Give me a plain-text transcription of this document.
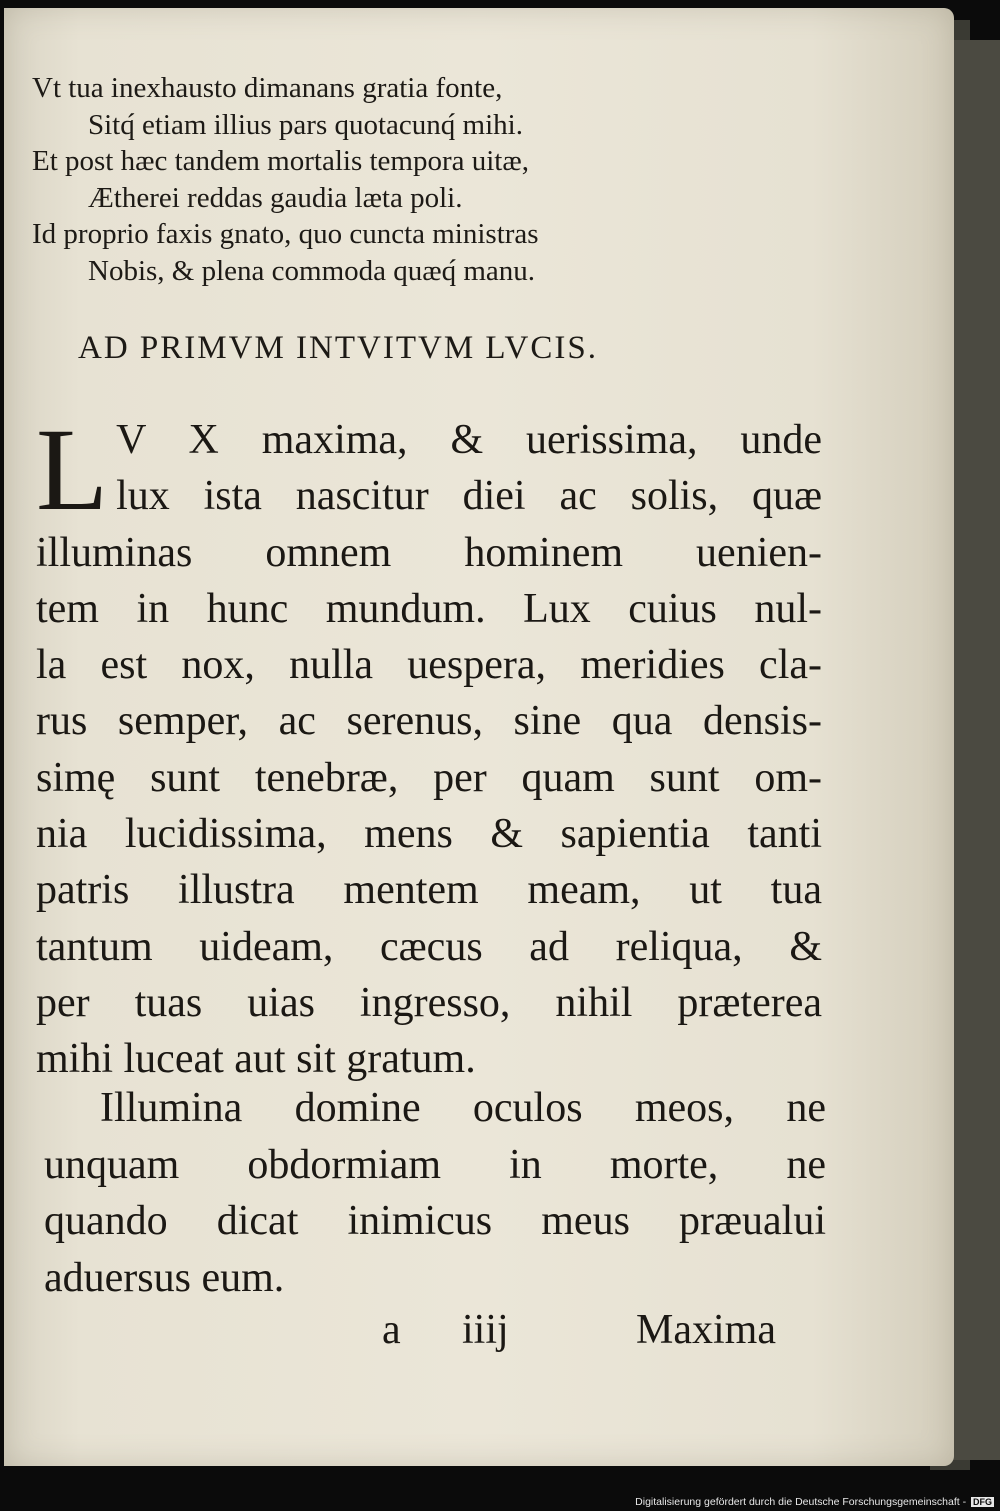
Vt tua inexhausto dimanans gratia fonte,
Sitq́ etiam illius pars quotacunq́ mihi.
Et post hæc tandem mortalis tempora uitæ,
Ætherei reddas gaudia læta poli.
Id proprio faxis gnato, quo cuncta ministras
Nobis, & plena commoda quæq́ manu.
AD PRIMVM INTVITVM LVCIS.
L V X maxima, & uerissima, unde
lux ista nascitur diei ac solis, quæ
illuminas omnem hominem uenien-
tem in hunc mundum. Lux cuius nul-
la est nox, nulla uespera, meridies cla-
rus semper, ac serenus, sine qua densis-
simę sunt tenebræ, per quam sunt om-
nia lucidissima, mens & sapientia tanti
patris illustra mentem meam, ut tua
tantum uideam, cæcus ad reliqua, &
per tuas uias ingresso, nihil præterea
mihi luceat aut sit gratum.
Illumina domine oculos meos, ne
unquam obdormiam in morte, ne
quando dicat inimicus meus præualui
aduersus eum.
a iiij	Maxima
Digitalisierung gefördert durch die Deutsche Forschungsgemeinschaft - DFG
